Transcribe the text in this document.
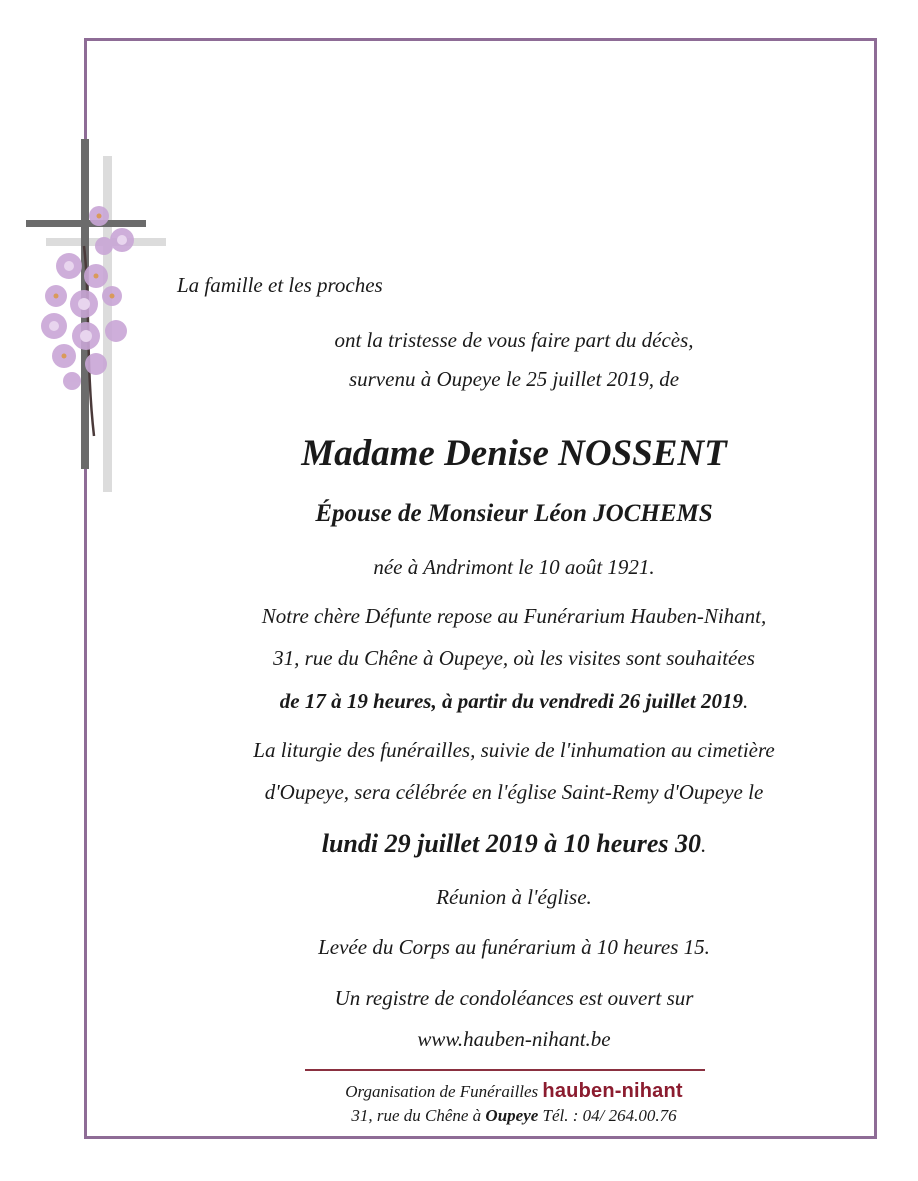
La famille et les proches
ont la tristesse de vous faire part du décès,
survenu à Oupeye le 25 juillet 2019, de
Madame Denise NOSSENT
Épouse de Monsieur Léon JOCHEMS
née à Andrimont le 10 août 1921.
Notre chère Défunte repose au Funérarium Hauben-Nihant,
31, rue du Chêne à Oupeye, où les visites sont souhaitées
de 17 à 19 heures, à partir du vendredi 26 juillet 2019.
La liturgie des funérailles, suivie de l'inhumation au cimetière
d'Oupeye, sera célébrée en l'église Saint-Remy d'Oupeye le
lundi 29 juillet 2019 à 10 heures 30.
Réunion à l'église.
Levée du Corps au funérarium à 10 heures 15.
Un registre de condoléances est ouvert sur
www.hauben-nihant.be
Organisation de Funérailles hauben-nihant
31, rue du Chêne à Oupeye Tél. : 04/ 264.00.76
